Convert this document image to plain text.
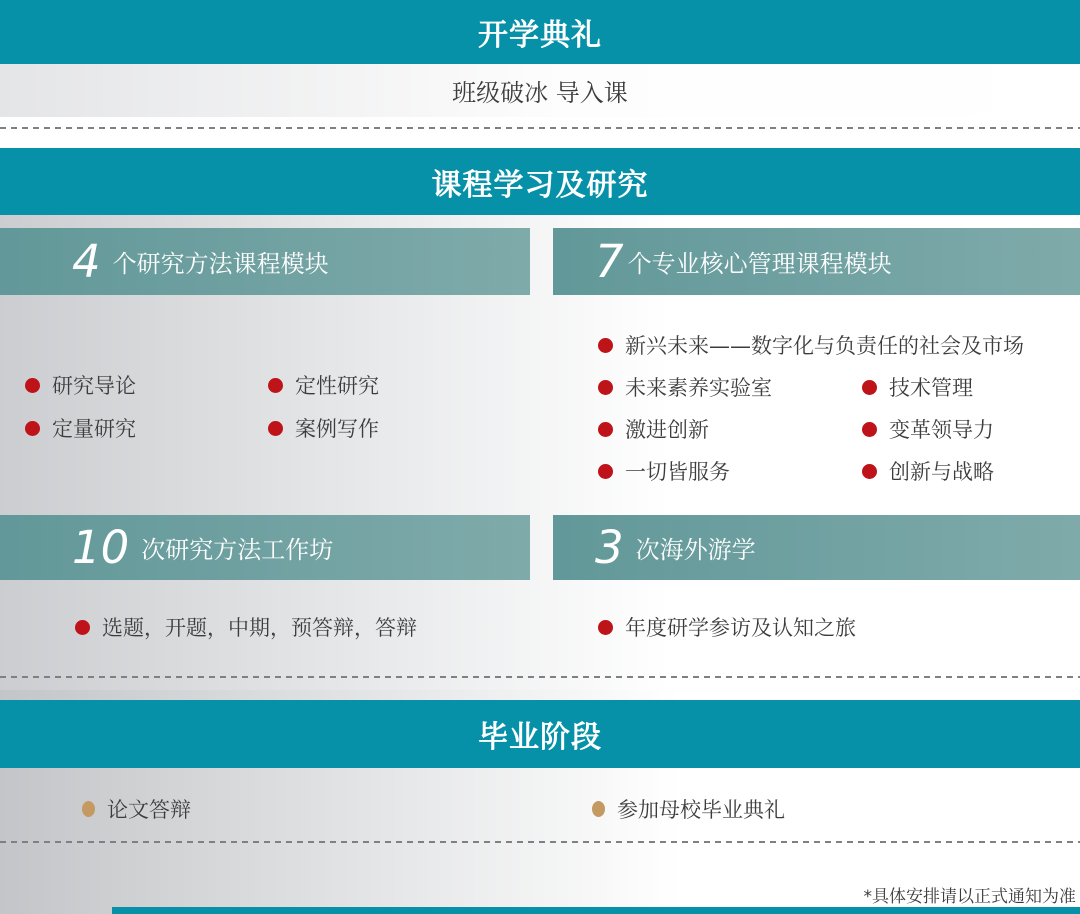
开学典礼
班级破冰 导入课
课程学习及研究
4 个研究方法课程模块	7 个专业核心管理课程模块
研究导论	定性研究
定量研究	案例写作
新兴未来——数字化与负责任的社会及市场
未来素养实验室	技术管理
激进创新	变革领导力
一切皆服务	创新与战略
10 次研究方法工作坊	3 次海外游学
选题，开题，中期，预答辩，答辩	年度研学参访及认知之旅
毕业阶段
论文答辩	参加母校毕业典礼
*具体安排请以正式通知为准
